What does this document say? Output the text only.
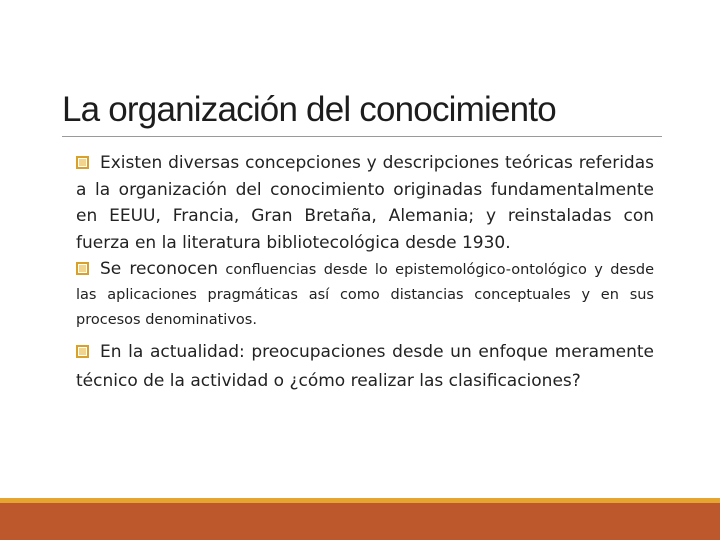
La organización del conocimiento

Existen diversas concepciones y descripciones teóricas referidas a la organización del conocimiento originadas fundamentalmente en EEUU, Francia, Gran Bretaña, Alemania; y reinstaladas con fuerza en la literatura bibliotecológica desde 1930.

Se reconocen confluencias desde lo epistemológico-ontológico y desde las aplicaciones pragmáticas así como distancias conceptuales y en sus procesos denominativos.

En la actualidad: preocupaciones desde un enfoque meramente técnico de la actividad o ¿cómo realizar las clasificaciones?
